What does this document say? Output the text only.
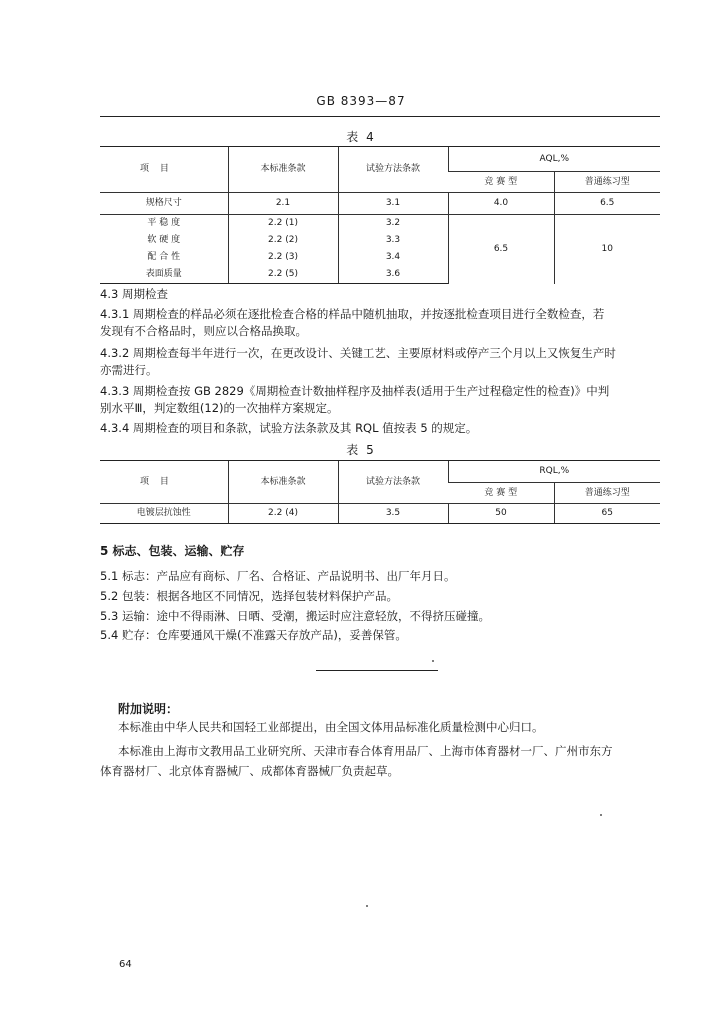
GB 8393—87
表 4
项 目	本标准条款	试验方法条款	AQL,%	
			竞 赛 型	普通练习型
规格尺寸	2.1	3.1	4.0	6.5
平 稳 度	2.2 (1)	3.2	6.5	10
软 硬 度	2.2 (2)	3.3		
配 合 性	2.2 (3)	3.4		
表面质量	2.2 (5)	3.6		
4.3 周期检查
4.3.1 周期检查的样品必须在逐批检查合格的样品中随机抽取，并按逐批检查项目进行全数检查，若
发现有不合格品时，则应以合格品换取。
4.3.2 周期检查每半年进行一次，在更改设计、关键工艺、主要原材料或停产三个月以上又恢复生产时
亦需进行。
4.3.3 周期检查按 GB 2829《周期检查计数抽样程序及抽样表(适用于生产过程稳定性的检查)》中判
别水平Ⅲ，判定数组(12)的一次抽样方案规定。
4.3.4 周期检查的项目和条款，试验方法条款及其 RQL 值按表 5 的规定。
表 5
项 目	本标准条款	试验方法条款	RQL,%	
			竞 赛 型	普通练习型
电镀层抗蚀性	2.2 (4)	3.5	50	65
5 标志、包装、运输、贮存
5.1 标志：产品应有商标、厂名、合格证、产品说明书、出厂年月日。
5.2 包装：根据各地区不同情况，选择包装材料保护产品。
5.3 运输：途中不得雨淋、日晒、受潮，搬运时应注意轻放，不得挤压碰撞。
5.4 贮存：仓库要通风干燥(不准露天存放产品)，妥善保管。
附加说明：
本标准由中华人民共和国轻工业部提出，由全国文体用品标准化质量检测中心归口。
本标准由上海市文教用品工业研究所、天津市春合体育用品厂、上海市体育器材一厂、广州市东方
体育器材厂、北京体育器械厂、成都体育器械厂负责起草。
64
